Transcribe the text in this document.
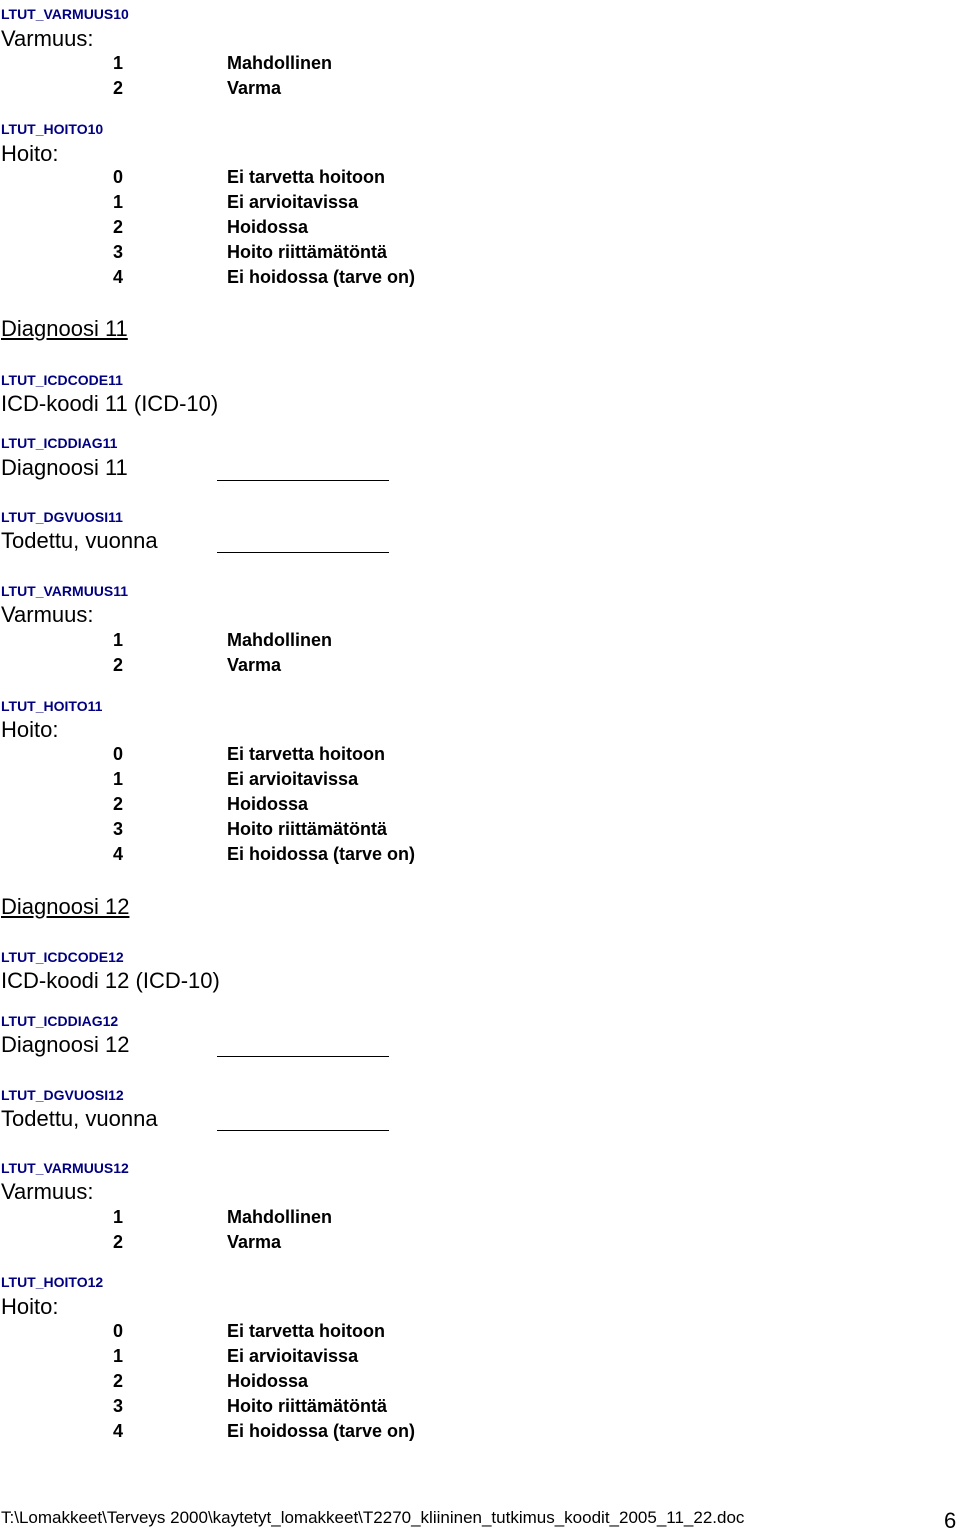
LTUT_VARMUUS10
Varmuus:
1	Mahdollinen
2	Varma
LTUT_HOITO10
Hoito:
0	Ei tarvetta hoitoon
1	Ei arvioitavissa
2	Hoidossa
3	Hoito riittämätöntä
4	Ei hoidossa (tarve on)
Diagnoosi 11
LTUT_ICDCODE11
ICD-koodi 11 (ICD-10)
LTUT_ICDDIAG11
Diagnoosi 11
LTUT_DGVUOSI11
Todettu, vuonna
LTUT_VARMUUS11
Varmuus:
1	Mahdollinen
2	Varma
LTUT_HOITO11
Hoito:
0	Ei tarvetta hoitoon
1	Ei arvioitavissa
2	Hoidossa
3	Hoito riittämätöntä
4	Ei hoidossa (tarve on)
Diagnoosi 12
LTUT_ICDCODE12
ICD-koodi 12 (ICD-10)
LTUT_ICDDIAG12
Diagnoosi 12
LTUT_DGVUOSI12
Todettu, vuonna
LTUT_VARMUUS12
Varmuus:
1	Mahdollinen
2	Varma
LTUT_HOITO12
Hoito:
0	Ei tarvetta hoitoon
1	Ei arvioitavissa
2	Hoidossa
3	Hoito riittämätöntä
4	Ei hoidossa (tarve on)
T:\Lomakkeet\Terveys 2000\kaytetyt_lomakkeet\T2270_kliininen_tutkimus_koodit_2005_11_22.doc	6
